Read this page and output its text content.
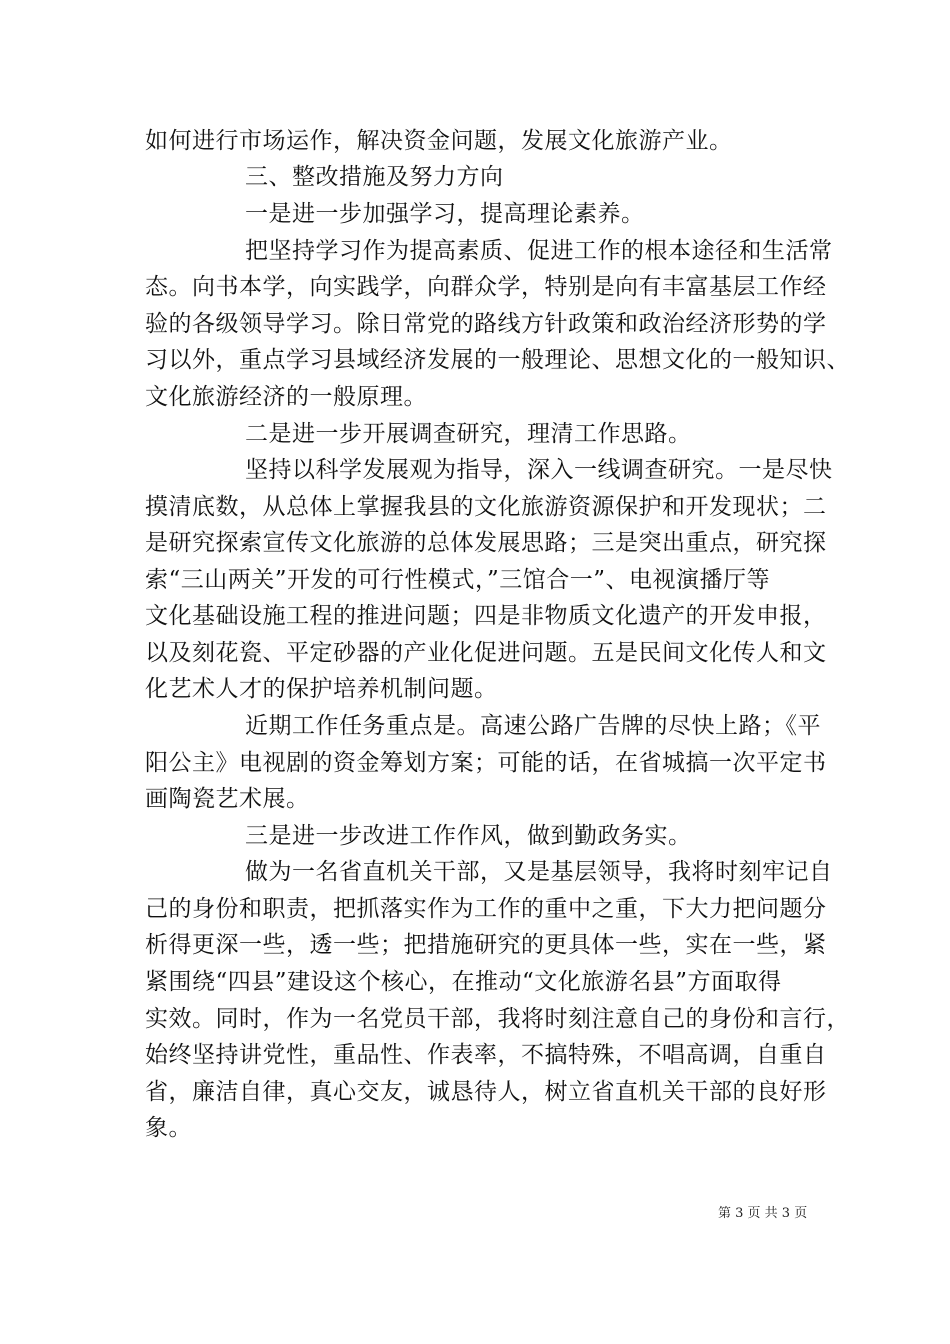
如何进行市场运作，解决资金问题，发展文化旅游产业。
三、整改措施及努力方向
一是进一步加强学习，提高理论素养。
把坚持学习作为提高素质、促进工作的根本途径和生活常
态。向书本学，向实践学，向群众学，特别是向有丰富基层工作经
验的各级领导学习。除日常党的路线方针政策和政治经济形势的学
习以外，重点学习县域经济发展的一般理论、思想文化的一般知识、
文化旅游经济的一般原理。
二是进一步开展调查研究，理清工作思路。
坚持以科学发展观为指导，深入一线调查研究。一是尽快
摸清底数，从总体上掌握我县的文化旅游资源保护和开发现状；二
是研究探索宣传文化旅游的总体发展思路；三是突出重点，研究探
索“三山两关”开发的可行性模式，”三馆合一”、电视演播厅等
文化基础设施工程的推进问题；四是非物质文化遗产的开发申报，
以及刻花瓷、平定砂器的产业化促进问题。五是民间文化传人和文
化艺术人才的保护培养机制问题。
近期工作任务重点是。高速公路广告牌的尽快上路；《平
阳公主》电视剧的资金筹划方案；可能的话，在省城搞一次平定书
画陶瓷艺术展。
三是进一步改进工作作风，做到勤政务实。
做为一名省直机关干部，又是基层领导，我将时刻牢记自
己的身份和职责，把抓落实作为工作的重中之重，下大力把问题分
析得更深一些，透一些；把措施研究的更具体一些，实在一些，紧
紧围绕“四县”建设这个核心，在推动“文化旅游名县”方面取得
实效。同时，作为一名党员干部，我将时刻注意自己的身份和言行，
始终坚持讲党性，重品性、作表率，不搞特殊，不唱高调，自重自
省，廉洁自律，真心交友，诚恳待人，树立省直机关干部的良好形
象。
第 3 页 共 3 页
